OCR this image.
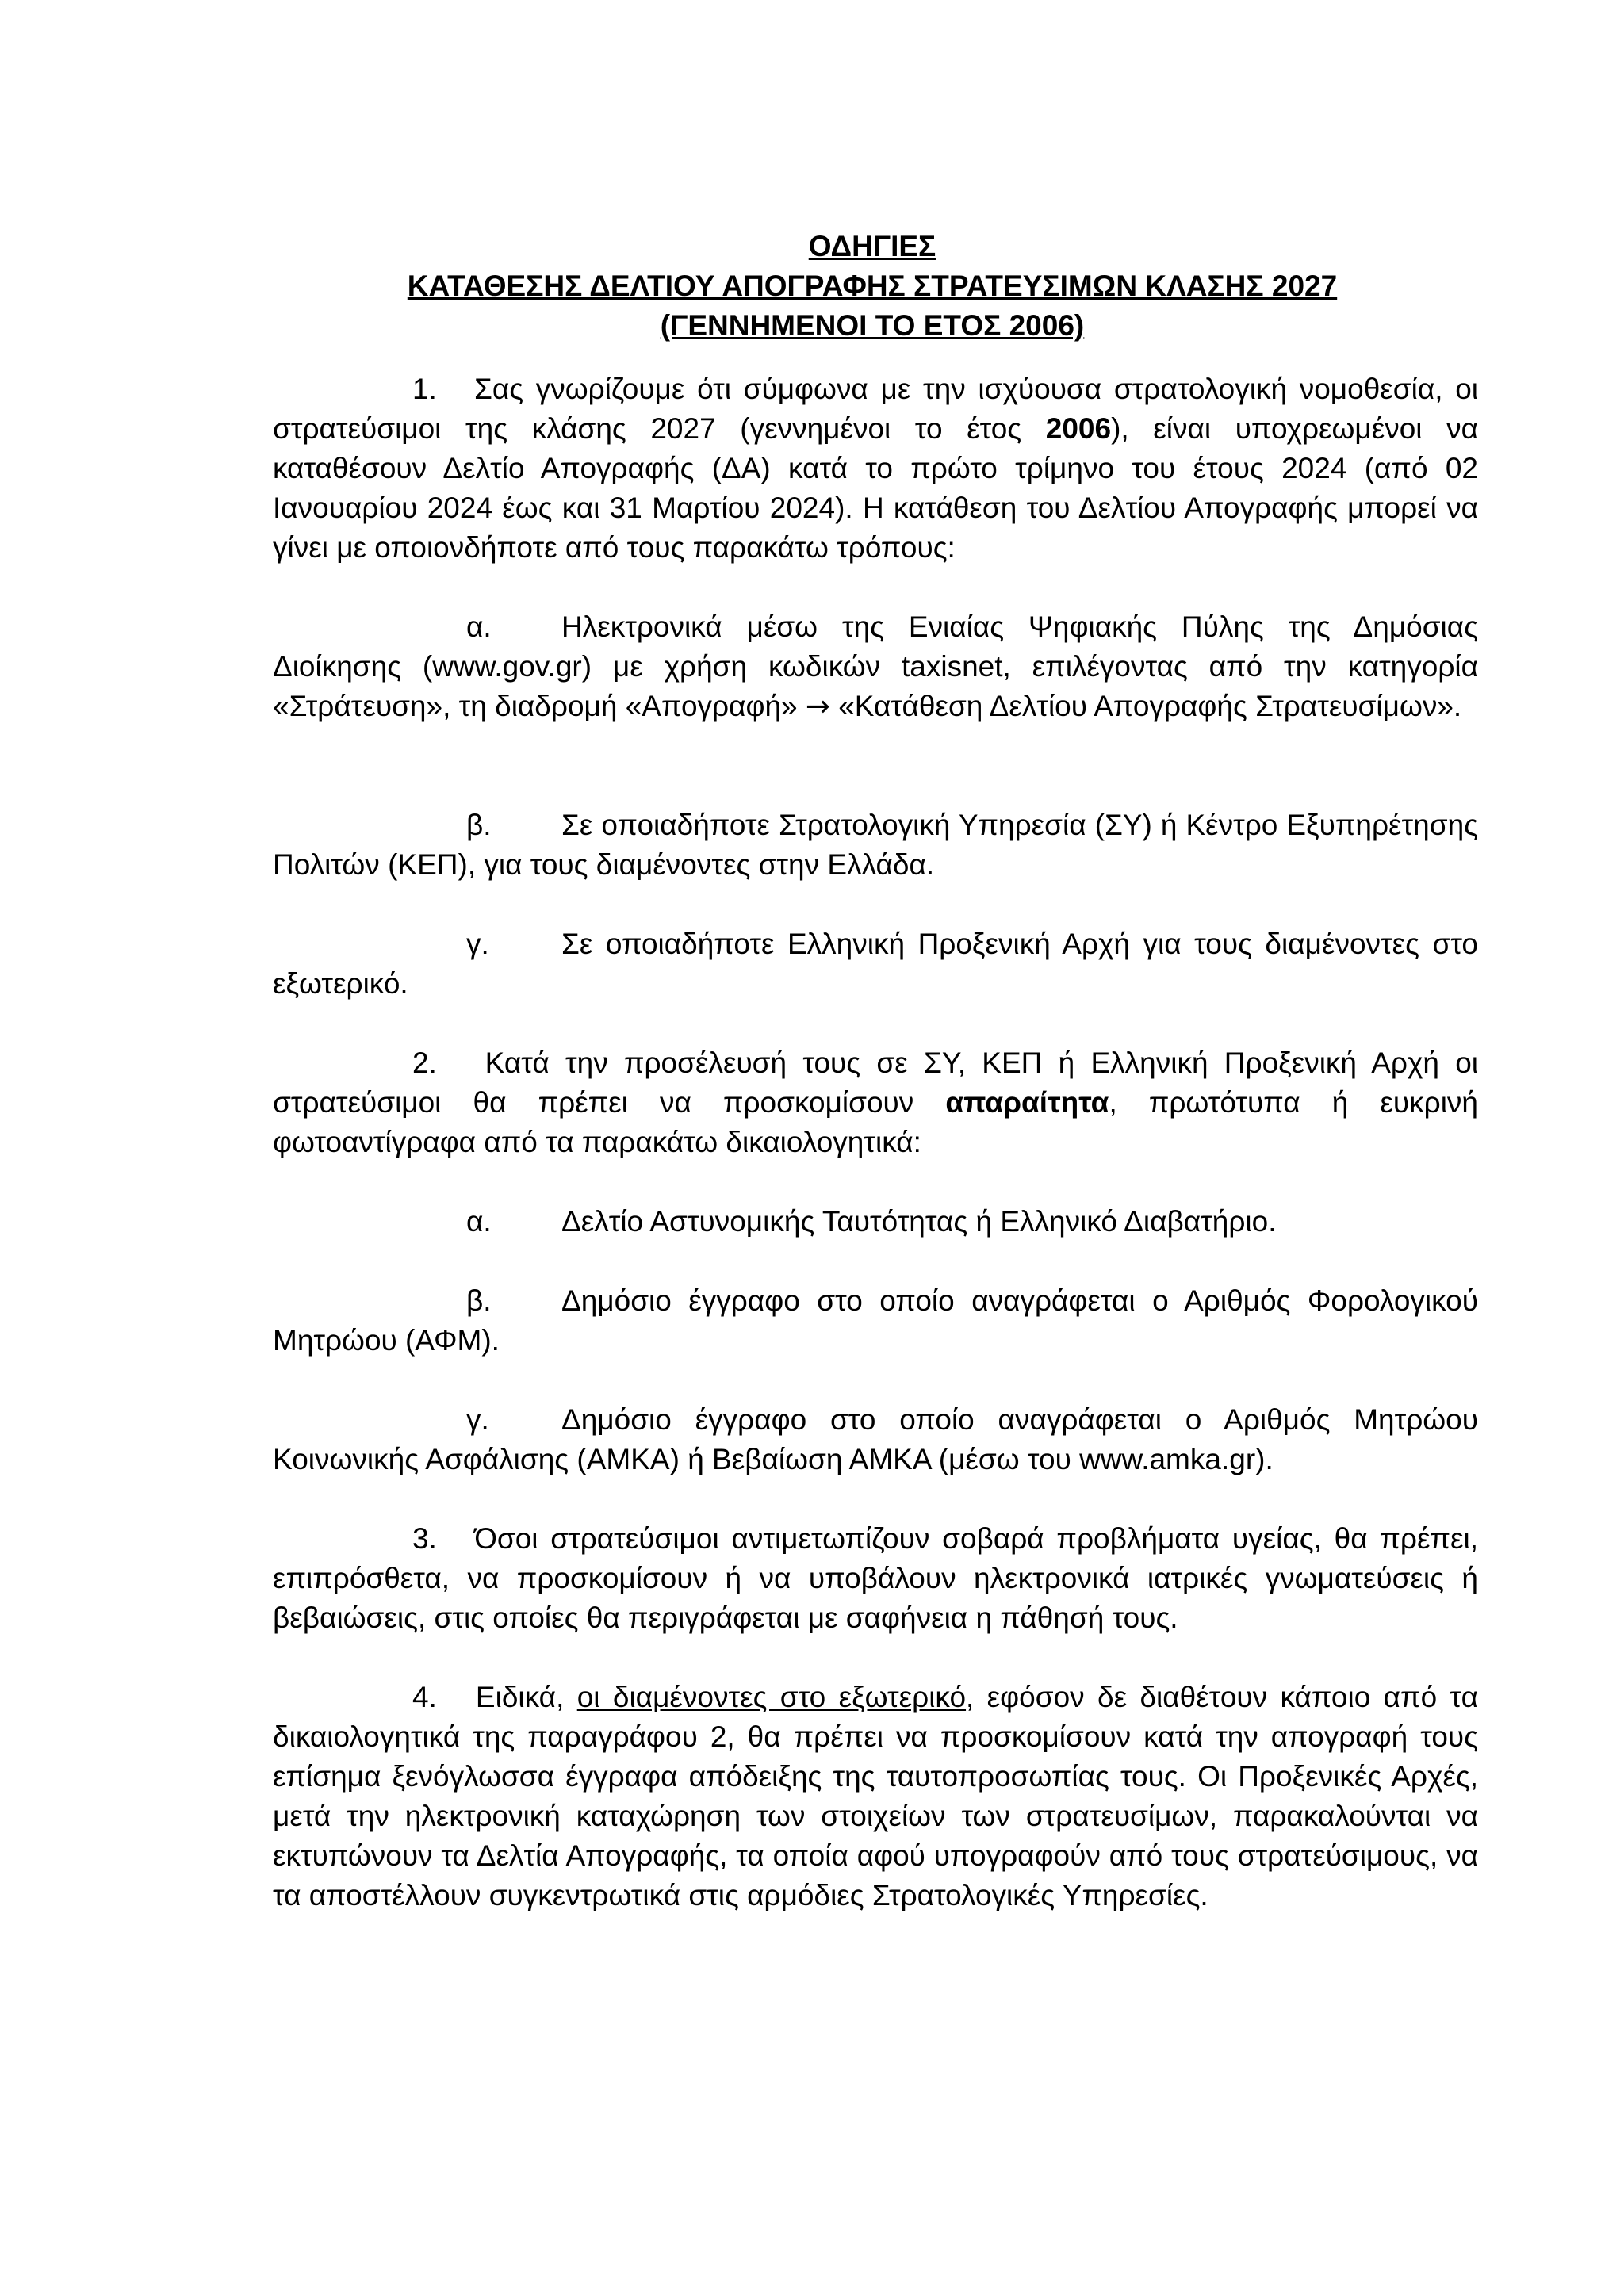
ΟΔΗΓΙΕΣ
ΚΑΤΑΘΕΣΗΣ ΔΕΛΤΙΟΥ ΑΠΟΓΡΑΦΗΣ ΣΤΡΑΤΕΥΣΙΜΩΝ ΚΛΑΣΗΣ 2027
(ΓΕΝΝΗΜΕΝΟΙ ΤΟ ΕΤΟΣ 2006)

1. Σας γνωρίζουμε ότι σύμφωνα με την ισχύουσα στρατολογική νομοθεσία, οι στρατεύσιμοι της κλάσης 2027 (γεννημένοι το έτος 2006), είναι υποχρεωμένοι να καταθέσουν Δελτίο Απογραφής (ΔΑ) κατά το πρώτο τρίμηνο του έτους 2024 (από 02 Ιανουαρίου 2024 έως και 31 Μαρτίου 2024). Η κατάθεση του Δελτίου Απογραφής μπορεί να γίνει με οποιονδήποτε από τους παρακάτω τρόπους:

α. Ηλεκτρονικά μέσω της Ενιαίας Ψηφιακής Πύλης της Δημόσιας Διοίκησης (www.gov.gr) με χρήση κωδικών taxisnet, επιλέγοντας από την κατηγορία «Στράτευση», τη διαδρομή «Απογραφή» → «Κατάθεση Δελτίου Απογραφής Στρατευσίμων».

β. Σε οποιαδήποτε Στρατολογική Υπηρεσία (ΣΥ) ή Κέντρο Εξυπηρέτησης Πολιτών (ΚΕΠ), για τους διαμένοντες στην Ελλάδα.

γ. Σε οποιαδήποτε Ελληνική Προξενική Αρχή για τους διαμένοντες στο εξωτερικό.

2. Κατά την προσέλευσή τους σε ΣΥ, ΚΕΠ ή Ελληνική Προξενική Αρχή οι στρατεύσιμοι θα πρέπει να προσκομίσουν απαραίτητα, πρωτότυπα ή ευκρινή φωτοαντίγραφα από τα παρακάτω δικαιολογητικά:

α. Δελτίο Αστυνομικής Ταυτότητας ή Ελληνικό Διαβατήριο.

β. Δημόσιο έγγραφο στο οποίο αναγράφεται ο Αριθμός Φορολογικού Μητρώου (ΑΦΜ).

γ. Δημόσιο έγγραφο στο οποίο αναγράφεται ο Αριθμός Μητρώου Κοινωνικής Ασφάλισης (ΑΜΚΑ) ή Βεβαίωση ΑΜΚΑ (μέσω του www.amka.gr).

3. Όσοι στρατεύσιμοι αντιμετωπίζουν σοβαρά προβλήματα υγείας, θα πρέπει, επιπρόσθετα, να προσκομίσουν ή να υποβάλουν ηλεκτρονικά ιατρικές γνωματεύσεις ή βεβαιώσεις, στις οποίες θα περιγράφεται με σαφήνεια η πάθησή τους.

4. Ειδικά, οι διαμένοντες στο εξωτερικό, εφόσον δε διαθέτουν κάποιο από τα δικαιολογητικά της παραγράφου 2, θα πρέπει να προσκομίσουν κατά την απογραφή τους επίσημα ξενόγλωσσα έγγραφα απόδειξης της ταυτοπροσωπίας τους. Οι Προξενικές Αρχές, μετά την ηλεκτρονική καταχώρηση των στοιχείων των στρατευσίμων, παρακαλούνται να εκτυπώνουν τα Δελτία Απογραφής, τα οποία αφού υπογραφούν από τους στρατεύσιμους, να τα αποστέλλουν συγκεντρωτικά στις αρμόδιες Στρατολογικές Υπηρεσίες.
